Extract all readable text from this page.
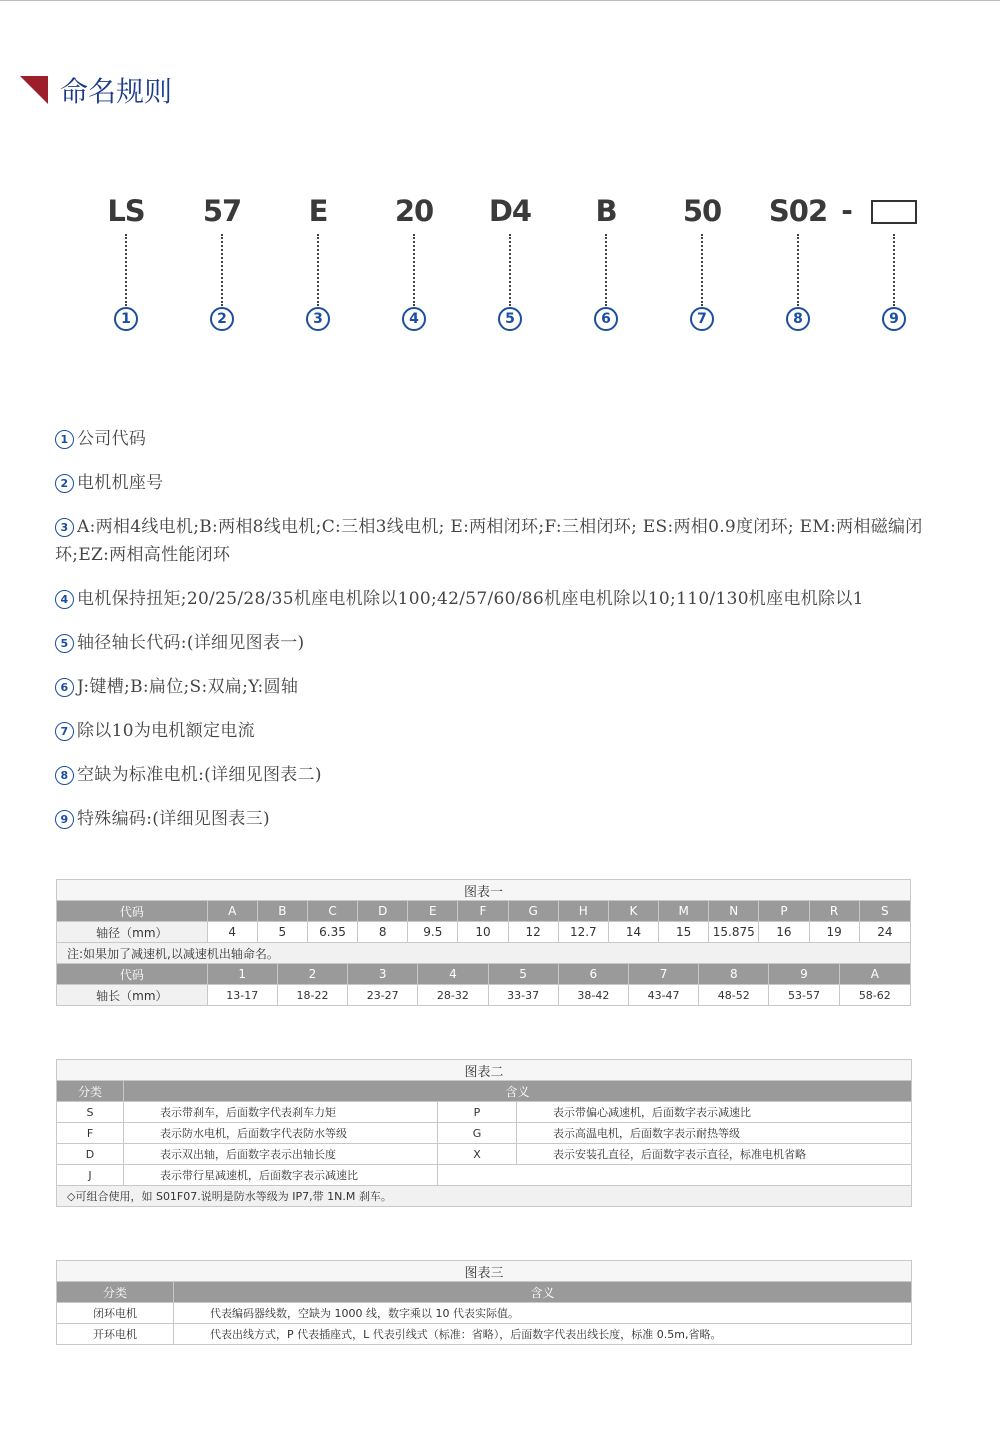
命名规则
LS
1
57
2
E
3
20
4
D4
5
B
6
50
7
S02
8
-
9
1 公司代码
2 电机机座号
3 A:两相4线电机;B:两相8线电机;C:三相3线电机; E:两相闭环;F:三相闭环; ES:两相0.9度闭环; EM:两相磁编闭环;EZ:两相高性能闭环
4 电机保持扭矩;20/25/28/35机座电机除以100;42/57/60/86机座电机除以10;110/130机座电机除以1
5 轴径轴长代码:(详细见图表一)
6 J:键槽;B:扁位;S:双扁;Y:圆轴
7 除以10为电机额定电流
8 空缺为标准电机:(详细见图表二)
9 特殊编码:(详细见图表三)
图表一																						
代码	A	B		C		D	E		F		G	H	K		M		N	P		R		S
轴径（mm）	4	5		6.35		8	9.5		10		12	12.7	14		15		15.875	16		19		24
注:如果加了减速机,以减速机出轴命名。																						
代码	1		2		3			4		5		6		7		8			9		A	
轴长（mm）	13-17		18-22		23-27			28-32		33-37		38-42		43-47		48-52			53-57		58-62	
图表二			
分类	含义		
S	表示带刹车，后面数字代表刹车力矩	P	表示带偏心减速机，后面数字表示减速比
F	表示防水电机，后面数字代表防水等级	G	表示高温电机，后面数字表示耐热等级
D	表示双出轴，后面数字表示出轴长度	X	表示安装孔直径，后面数字表示直径，标准电机省略
J	表示带行星减速机，后面数字表示减速比		
◇可组合使用，如 S01F07.说明是防水等级为 IP7,带 1N.M 刹车。			
图表三	
分类	含义
闭环电机	代表编码器线数，空缺为 1000 线，数字乘以 10 代表实际值。
开环电机	代表出线方式，P 代表插座式，L 代表引线式（标准：省略），后面数字代表出线长度，标准 0.5m,省略。
